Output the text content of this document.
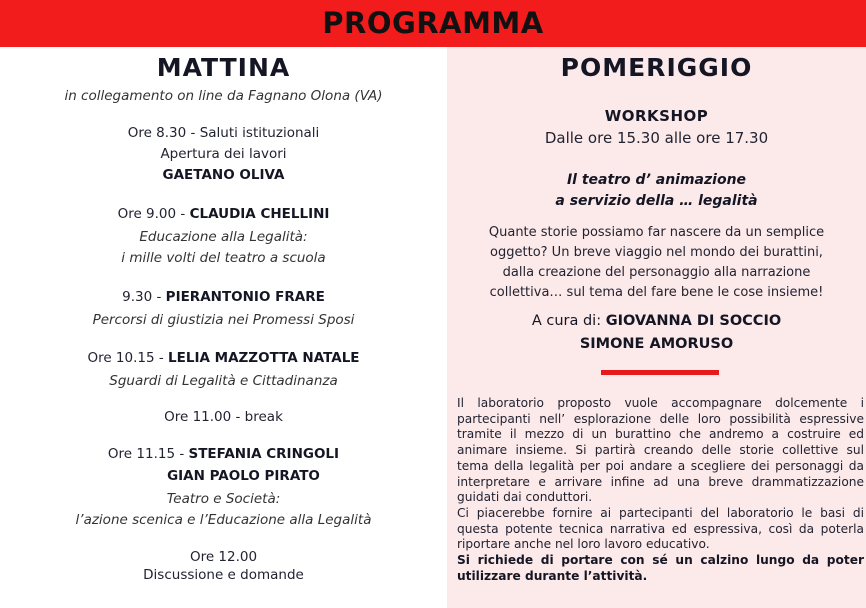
PROGRAMMA
MATTINA
in collegamento on line da Fagnano Olona (VA)
Ore 8.30 - Saluti istituzionali
Apertura dei lavori
GAETANO OLIVA
Ore 9.00 - CLAUDIA CHELLINI
Educazione alla Legalità:
i mille volti del teatro a scuola
9.30 - PIERANTONIO FRARE
Percorsi di giustizia nei Promessi Sposi
Ore 10.15 - LELIA MAZZOTTA NATALE
Sguardi di Legalità e Cittadinanza
Ore 11.00 - break
Ore 11.15 - STEFANIA CRINGOLI
GIAN PAOLO PIRATO
Teatro e Società:
l’azione scenica e l’Educazione alla Legalità
Ore 12.00
Discussione e domande
POMERIGGIO
WORKSHOP
Dalle ore 15.30 alle ore 17.30
Il teatro d’ animazione
a servizio della … legalità
Quante storie possiamo far nascere da un semplice
oggetto? Un breve viaggio nel mondo dei burattini,
dalla creazione del personaggio alla narrazione
collettiva… sul tema del fare bene le cose insieme!
A cura di: GIOVANNA DI SOCCIO
SIMONE AMORUSO

Il laboratorio proposto vuole accompagnare dolcemente i partecipanti nell’ esplorazione delle loro possibilità espressive tramite il mezzo di un burattino che andremo a costruire ed animare insieme. Si partirà creando delle storie collettive sul tema della legalità per poi andare a scegliere dei personaggi da interpretare e arrivare infine ad una breve drammatizzazione guidati dai conduttori.

Ci piacerebbe fornire ai partecipanti del laboratorio le basi di questa potente tecnica narrativa ed espressiva, così da poterla riportare anche nel loro lavoro educativo.

Si richiede di portare con sé un calzino lungo da poter utilizzare durante l’attività.
